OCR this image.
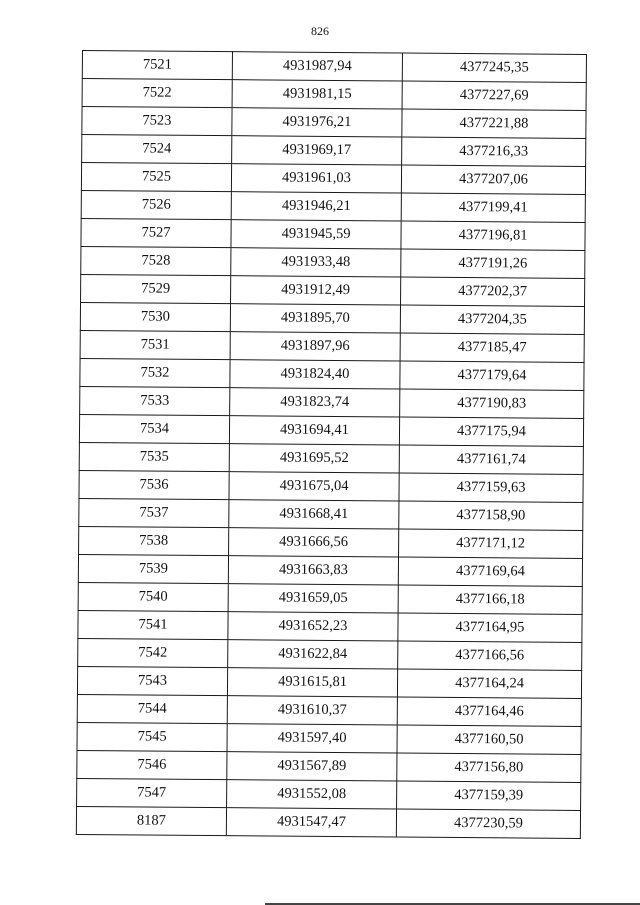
826
7521	4931987,94	4377245,35
7522	4931981,15	4377227,69
7523	4931976,21	4377221,88
7524	4931969,17	4377216,33
7525	4931961,03	4377207,06
7526	4931946,21	4377199,41
7527	4931945,59	4377196,81
7528	4931933,48	4377191,26
7529	4931912,49	4377202,37
7530	4931895,70	4377204,35
7531	4931897,96	4377185,47
7532	4931824,40	4377179,64
7533	4931823,74	4377190,83
7534	4931694,41	4377175,94
7535	4931695,52	4377161,74
7536	4931675,04	4377159,63
7537	4931668,41	4377158,90
7538	4931666,56	4377171,12
7539	4931663,83	4377169,64
7540	4931659,05	4377166,18
7541	4931652,23	4377164,95
7542	4931622,84	4377166,56
7543	4931615,81	4377164,24
7544	4931610,37	4377164,46
7545	4931597,40	4377160,50
7546	4931567,89	4377156,80
7547	4931552,08	4377159,39
8187	4931547,47	4377230,59
